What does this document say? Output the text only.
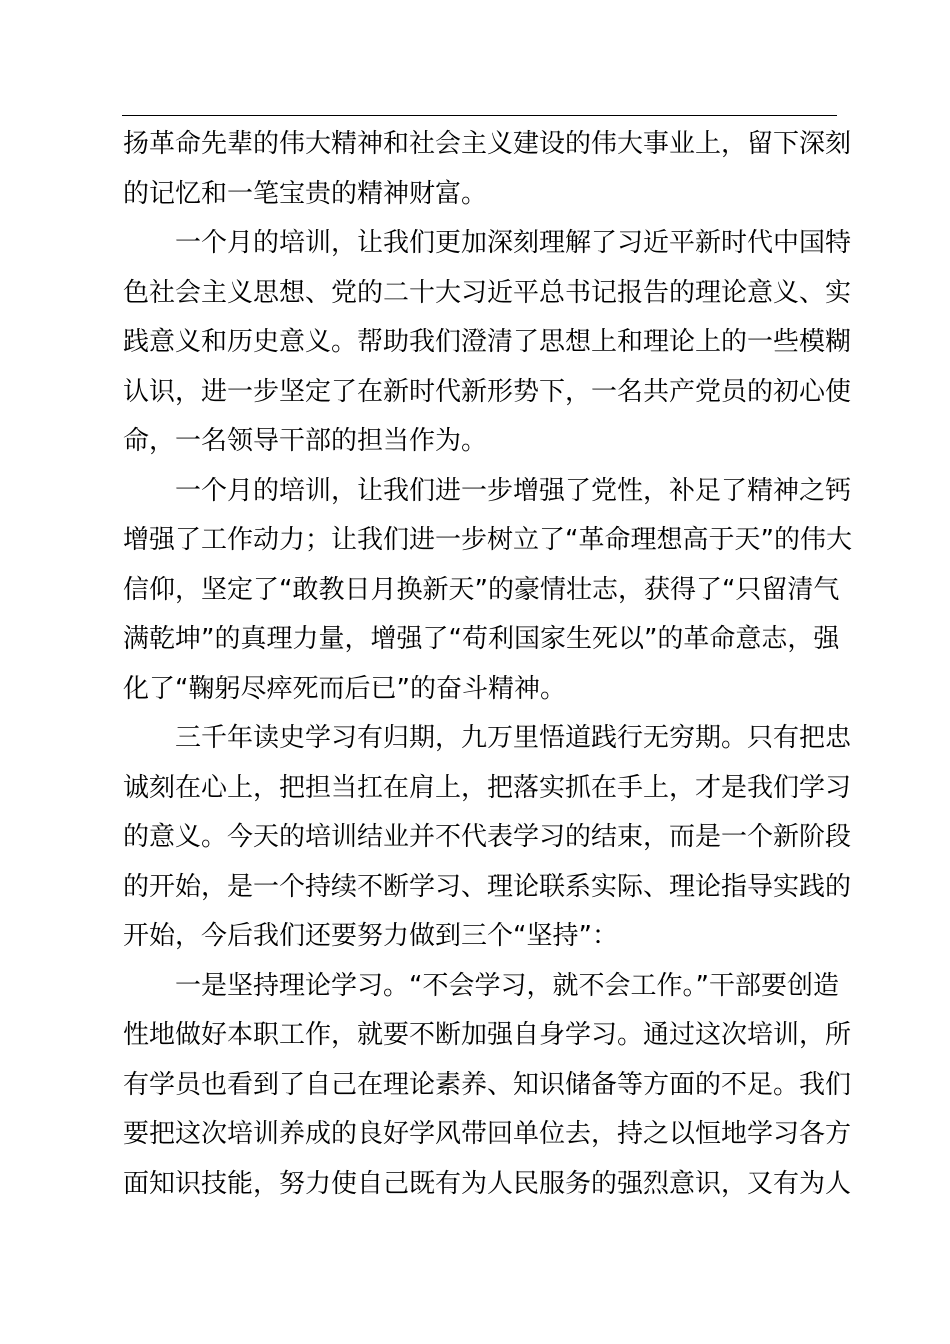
扬革命先辈的伟大精神和社会主义建设的伟大事业上，留下深刻
的记忆和一笔宝贵的精神财富。
一个月的培训，让我们更加深刻理解了习近平新时代中国特
色社会主义思想、党的二十大习近平总书记报告的理论意义、实
践意义和历史意义。帮助我们澄清了思想上和理论上的一些模糊
认识，进一步坚定了在新时代新形势下，一名共产党员的初心使
命，一名领导干部的担当作为。
一个月的培训，让我们进一步增强了党性，补足了精神之钙
增强了工作动力；让我们进一步树立了“革命理想高于天”的伟大
信仰，坚定了“敢教日月换新天”的豪情壮志，获得了“只留清气
满乾坤”的真理力量，增强了“苟利国家生死以”的革命意志，强
化了“鞠躬尽瘁死而后已”的奋斗精神。
三千年读史学习有归期，九万里悟道践行无穷期。只有把忠
诚刻在心上，把担当扛在肩上，把落实抓在手上，才是我们学习
的意义。今天的培训结业并不代表学习的结束，而是一个新阶段
的开始，是一个持续不断学习、理论联系实际、理论指导实践的
开始，今后我们还要努力做到三个“坚持”：
一是坚持理论学习。“不会学习，就不会工作。”干部要创造
性地做好本职工作，就要不断加强自身学习。通过这次培训，所
有学员也看到了自己在理论素养、知识储备等方面的不足。我们
要把这次培训养成的良好学风带回单位去，持之以恒地学习各方
面知识技能，努力使自己既有为人民服务的强烈意识，又有为人
